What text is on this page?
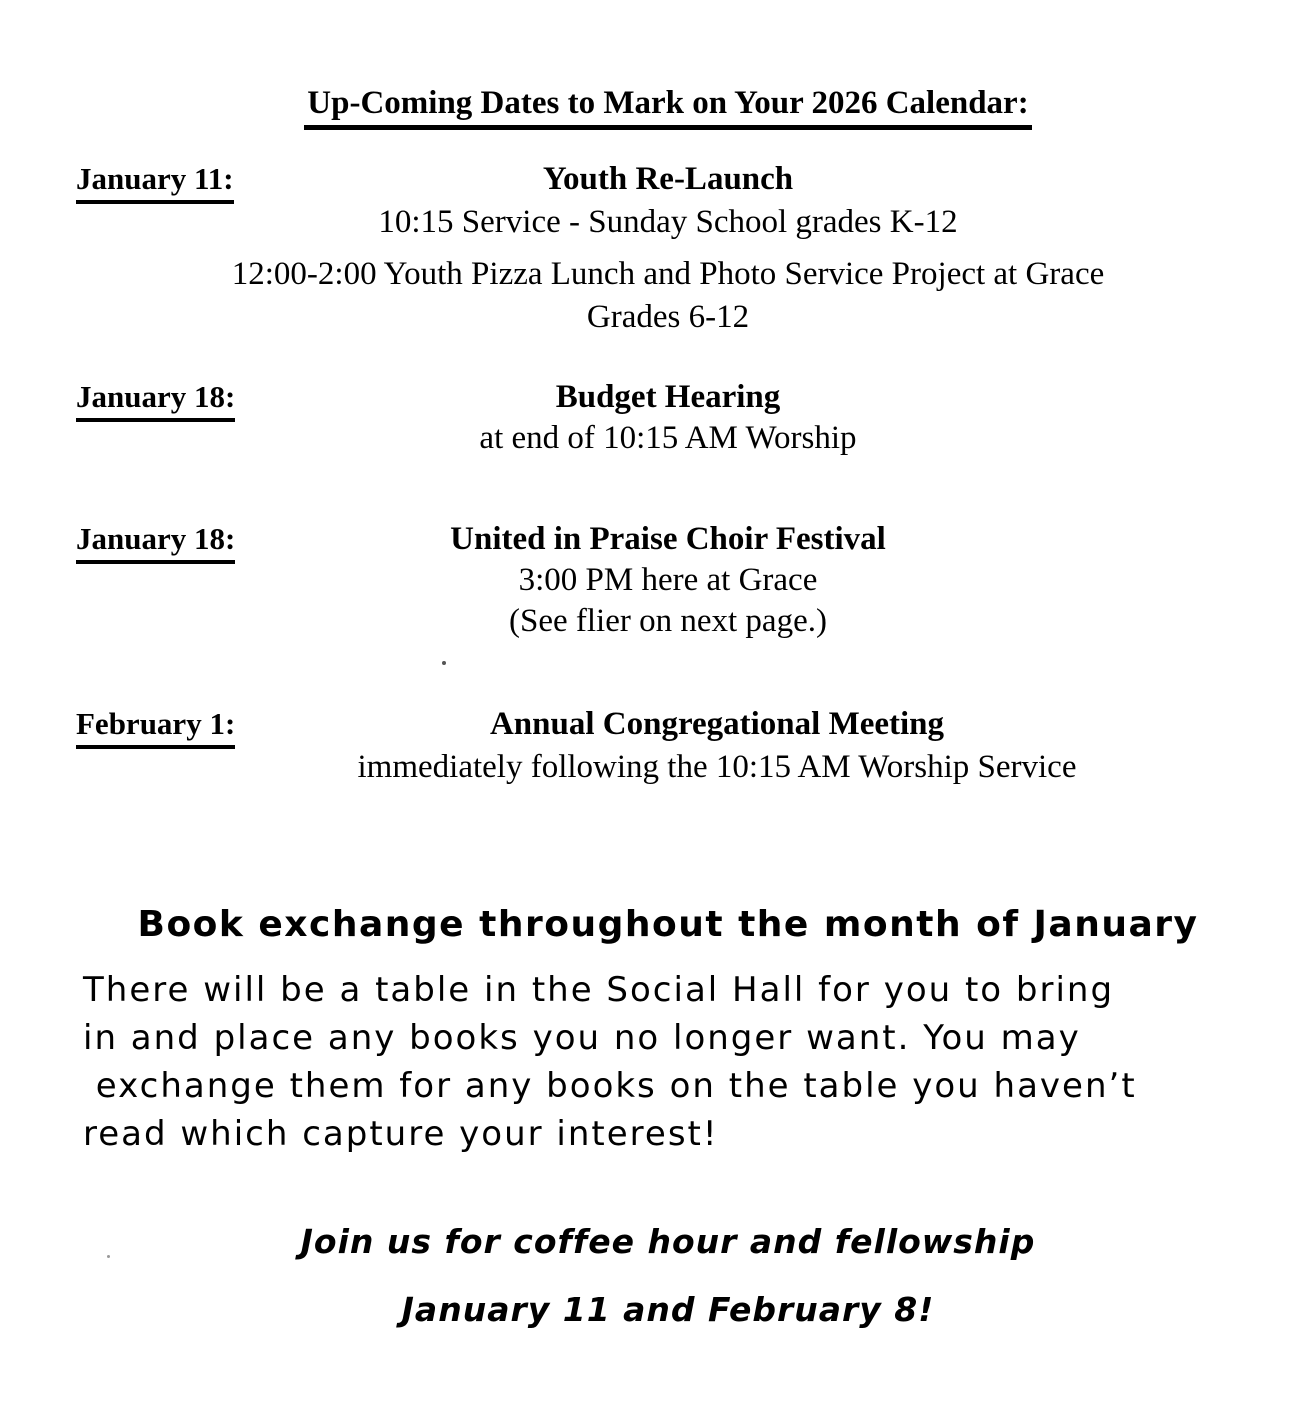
Up-Coming Dates to Mark on Your 2026 Calendar:
January 11:	Youth Re-Launch
10:15 Service - Sunday School grades K-12
12:00-2:00 Youth Pizza Lunch and Photo Service Project at Grace
Grades 6-12
January 18:	Budget Hearing
at end of 10:15 AM Worship
January 18:	United in Praise Choir Festival
3:00 PM here at Grace
(See flier on next page.)
February 1:	Annual Congregational Meeting
immediately following the 10:15 AM Worship Service
Book exchange throughout the month of January
There will be a table in the Social Hall for you to bring
in and place any books you no longer want. You may
exchange them for any books on the table you haven’t
read which capture your interest!
Join us for coffee hour and fellowship
January 11 and February 8!
